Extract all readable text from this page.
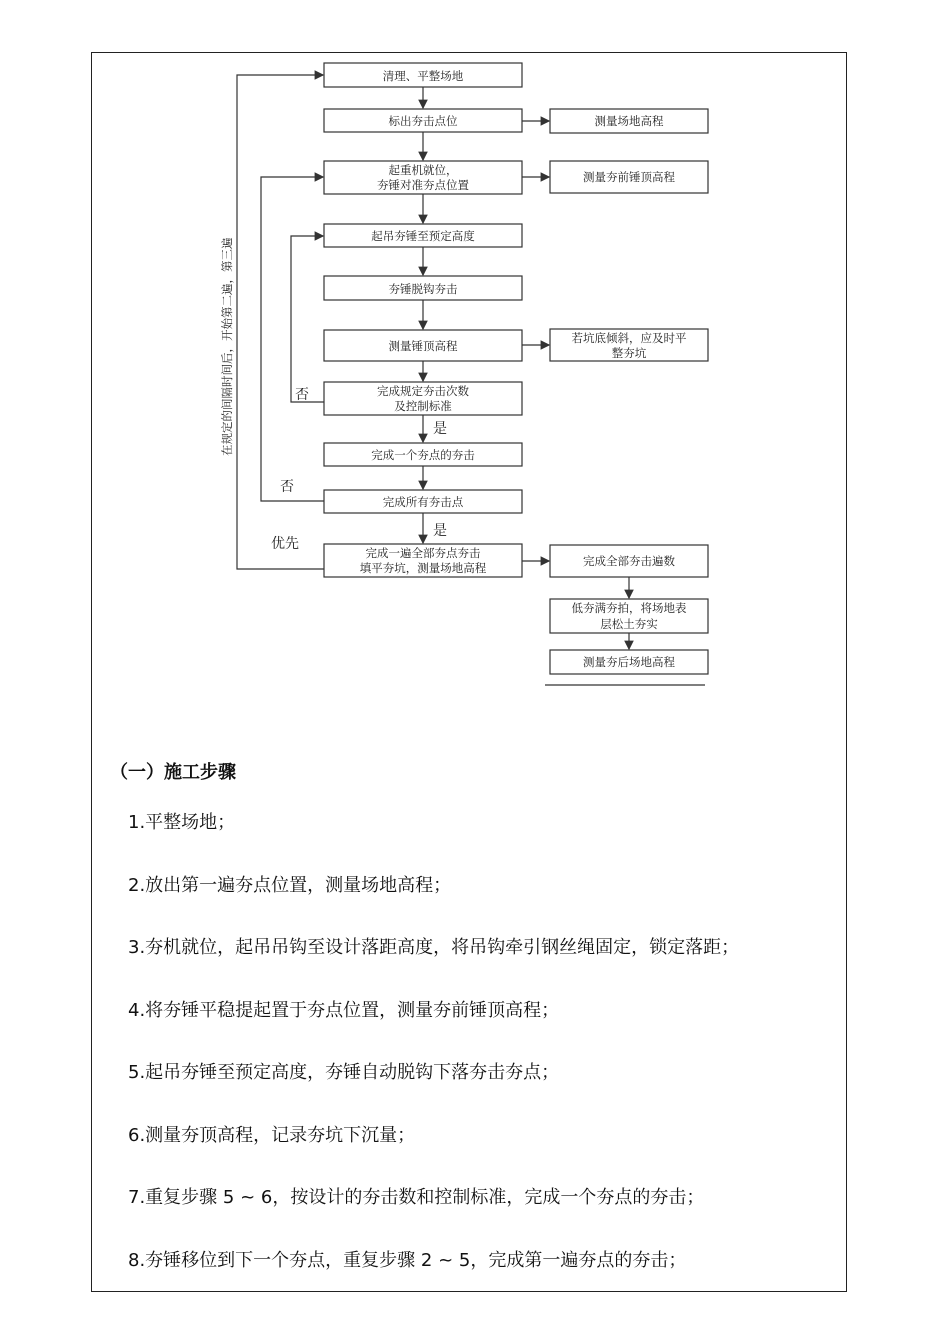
清理、平整场地
标出夯击点位
起重机就位，
夯锤对准夯点位置
起吊夯锤至预定高度
夯锤脱钩夯击
测量锤顶高程
完成规定夯击次数
及控制标准
完成一个夯点的夯击
完成所有夯击点
完成一遍全部夯点夯击
填平夯坑，测量场地高程
测量场地高程
测量夯前锤顶高程
若坑底倾斜，应及时平
整夯坑
完成全部夯击遍数
低夯满夯拍，将场地表
层松土夯实
测量夯后场地高程
否
是
否
是
优先
在规定的间隔时间后，开始第二遍，第三遍
（一）施工步骤
1.平整场地；
2.放出第一遍夯点位置，测量场地高程；
3.夯机就位，起吊吊钩至设计落距高度，将吊钩牵引钢丝绳固定，锁定落距；
4.将夯锤平稳提起置于夯点位置，测量夯前锤顶高程；
5.起吊夯锤至预定高度，夯锤自动脱钩下落夯击夯点；
6.测量夯顶高程，记录夯坑下沉量；
7.重复步骤 5 ~ 6，按设计的夯击数和控制标准，完成一个夯点的夯击；
8.夯锤移位到下一个夯点，重复步骤 2 ~ 5，完成第一遍夯点的夯击；
